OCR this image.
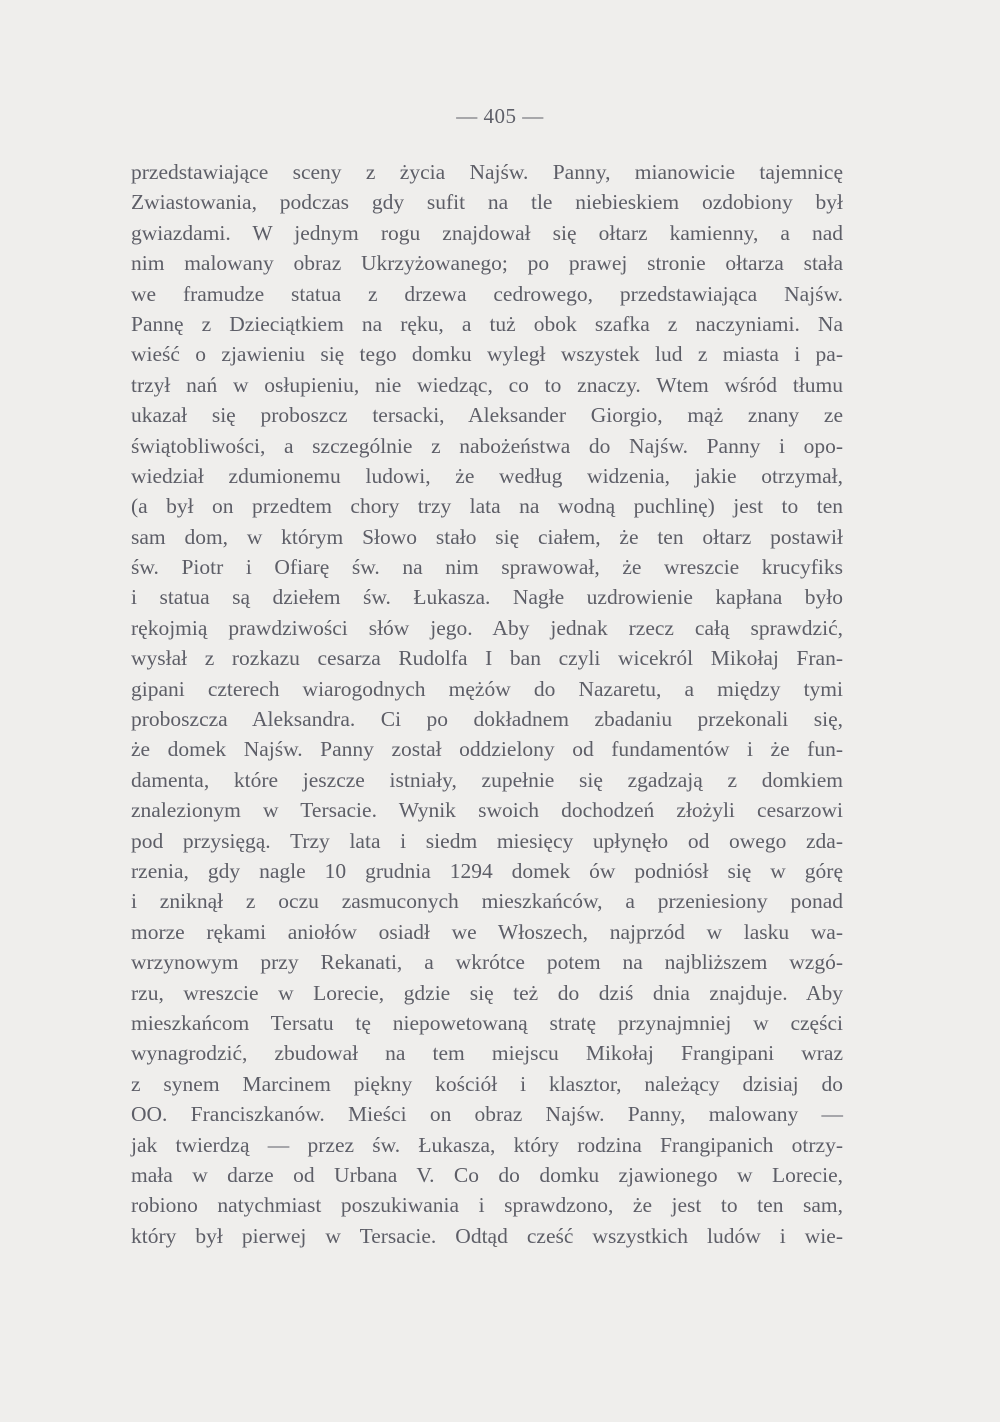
— 405 —
przedstawiające sceny z życia Najśw. Panny, mianowicie tajemnicę
Zwiastowania, podczas gdy sufit na tle niebieskiem ozdobiony był
gwiazdami. W jednym rogu znajdował się ołtarz kamienny, a nad
nim malowany obraz Ukrzyżowanego; po prawej stronie ołtarza stała
we framudze statua z drzewa cedrowego, przedstawiająca Najśw.
Pannę z Dzieciątkiem na ręku, a tuż obok szafka z naczyniami. Na
wieść o zjawieniu się tego domku wyległ wszystek lud z miasta i pa-
trzył nań w osłupieniu, nie wiedząc, co to znaczy. Wtem wśród tłumu
ukazał się proboszcz tersacki, Aleksander Giorgio, mąż znany ze
świątobliwości, a szczególnie z nabożeństwa do Najśw. Panny i opo-
wiedział zdumionemu ludowi, że według widzenia, jakie otrzymał,
(a był on przedtem chory trzy lata na wodną puchlinę) jest to ten
sam dom, w którym Słowo stało się ciałem, że ten ołtarz postawił
św. Piotr i Ofiarę św. na nim sprawował, że wreszcie krucyfiks
i statua są dziełem św. Łukasza. Nagłe uzdrowienie kapłana było
rękojmią prawdziwości słów jego. Aby jednak rzecz całą sprawdzić,
wysłał z rozkazu cesarza Rudolfa I ban czyli wicekról Mikołaj Fran-
gipani czterech wiarogodnych mężów do Nazaretu, a między tymi
proboszcza Aleksandra. Ci po dokładnem zbadaniu przekonali się,
że domek Najśw. Panny został oddzielony od fundamentów i że fun-
damenta, które jeszcze istniały, zupełnie się zgadzają z domkiem
znalezionym w Tersacie. Wynik swoich dochodzeń złożyli cesarzowi
pod przysięgą. Trzy lata i siedm miesięcy upłynęło od owego zda-
rzenia, gdy nagle 10 grudnia 1294 domek ów podniósł się w górę
i zniknął z oczu zasmuconych mieszkańców, a przeniesiony ponad
morze rękami aniołów osiadł we Włoszech, najprzód w lasku wa-
wrzynowym przy Rekanati, a wkrótce potem na najbliższem wzgó-
rzu, wreszcie w Lorecie, gdzie się też do dziś dnia znajduje. Aby
mieszkańcom Tersatu tę niepowetowaną stratę przynajmniej w części
wynagrodzić, zbudował na tem miejscu Mikołaj Frangipani wraz
z synem Marcinem piękny kościół i klasztor, należący dzisiaj do
OO. Franciszkanów. Mieści on obraz Najśw. Panny, malowany —
jak twierdzą — przez św. Łukasza, który rodzina Frangipanich otrzy-
mała w darze od Urbana V. Co do domku zjawionego w Lorecie,
robiono natychmiast poszukiwania i sprawdzono, że jest to ten sam,
który był pierwej w Tersacie. Odtąd cześć wszystkich ludów i wie-
